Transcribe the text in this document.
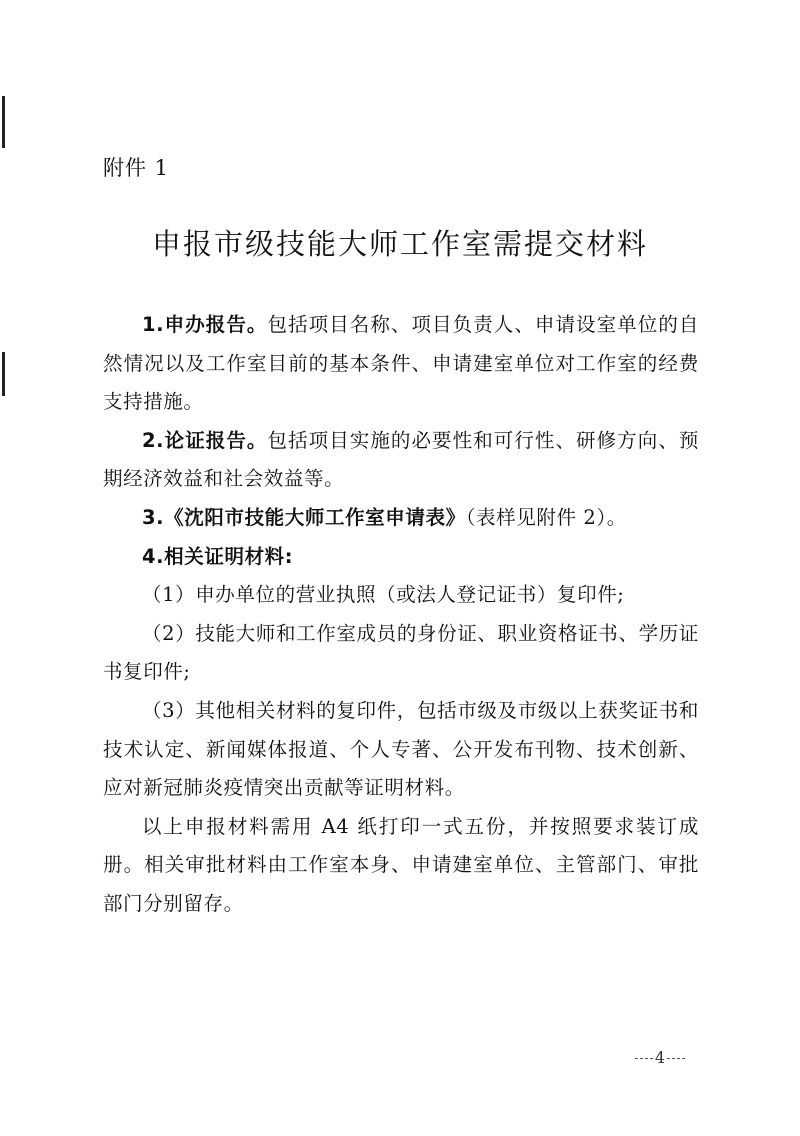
附件 1
申报市级技能大师工作室需提交材料

1.申办报告。包括项目名称、项目负责人、申请设室单位的自然情况以及工作室目前的基本条件、申请建室单位对工作室的经费支持措施。

2.论证报告。包括项目实施的必要性和可行性、研修方向、预期经济效益和社会效益等。

3.《沈阳市技能大师工作室申请表》（表样见附件 2）。

4.相关证明材料:

（1）申办单位的营业执照（或法人登记证书）复印件;

（2）技能大师和工作室成员的身份证、职业资格证书、学历证书复印件;

（3）其他相关材料的复印件，包括市级及市级以上获奖证书和技术认定、新闻媒体报道、个人专著、公开发布刊物、技术创新、应对新冠肺炎疫情突出贡献等证明材料。

以上申报材料需用 A4 纸打印一式五份，并按照要求装订成册。相关审批材料由工作室本身、申请建室单位、主管部门、审批部门分别留存。

4
